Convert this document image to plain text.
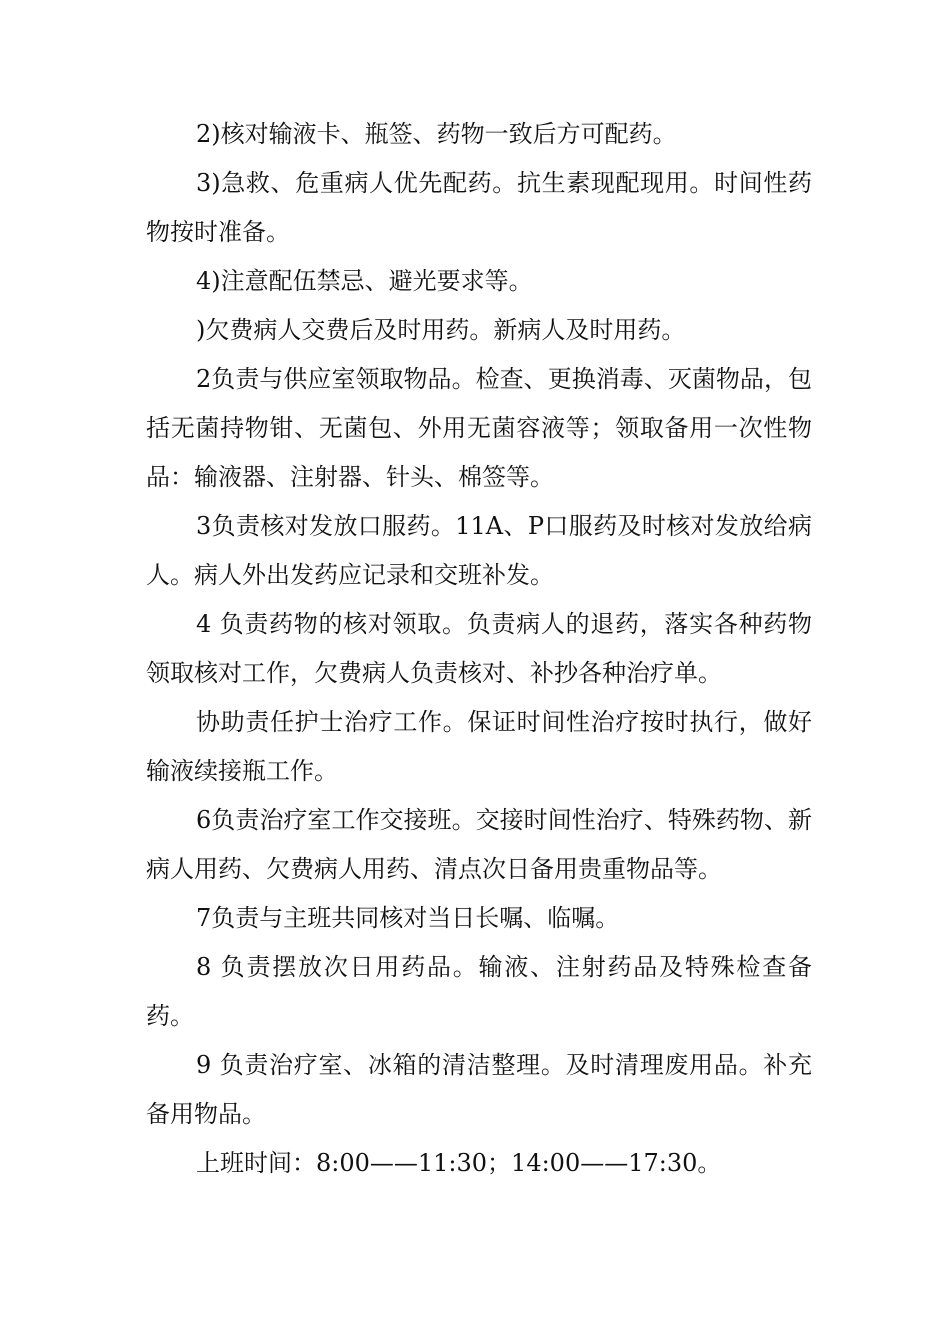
2)核对输液卡、瓶签、药物一致后方可配药。

3)急救、危重病人优先配药。抗生素现配现用。时间性药物按时准备。

4)注意配伍禁忌、避光要求等。

)欠费病人交费后及时用药。新病人及时用药。

2负责与供应室领取物品。检查、更换消毒、灭菌物品，包括无菌持物钳、无菌包、外用无菌容液等；领取备用一次性物品：输液器、注射器、针头、棉签等。

3负责核对发放口服药。11A、P口服药及时核对发放给病人。病人外出发药应记录和交班补发。

4 负责药物的核对领取。负责病人的退药，落实各种药物领取核对工作，欠费病人负责核对、补抄各种治疗单。

协助责任护士治疗工作。保证时间性治疗按时执行，做好输液续接瓶工作。

6负责治疗室工作交接班。交接时间性治疗、特殊药物、新病人用药、欠费病人用药、清点次日备用贵重物品等。

7负责与主班共同核对当日长嘱、临嘱。

8 负责摆放次日用药品。输液、注射药品及特殊检查备药。

9 负责治疗室、冰箱的清洁整理。及时清理废用品。补充备用物品。

上班时间：8:00——11:30；14:00——17:30。
